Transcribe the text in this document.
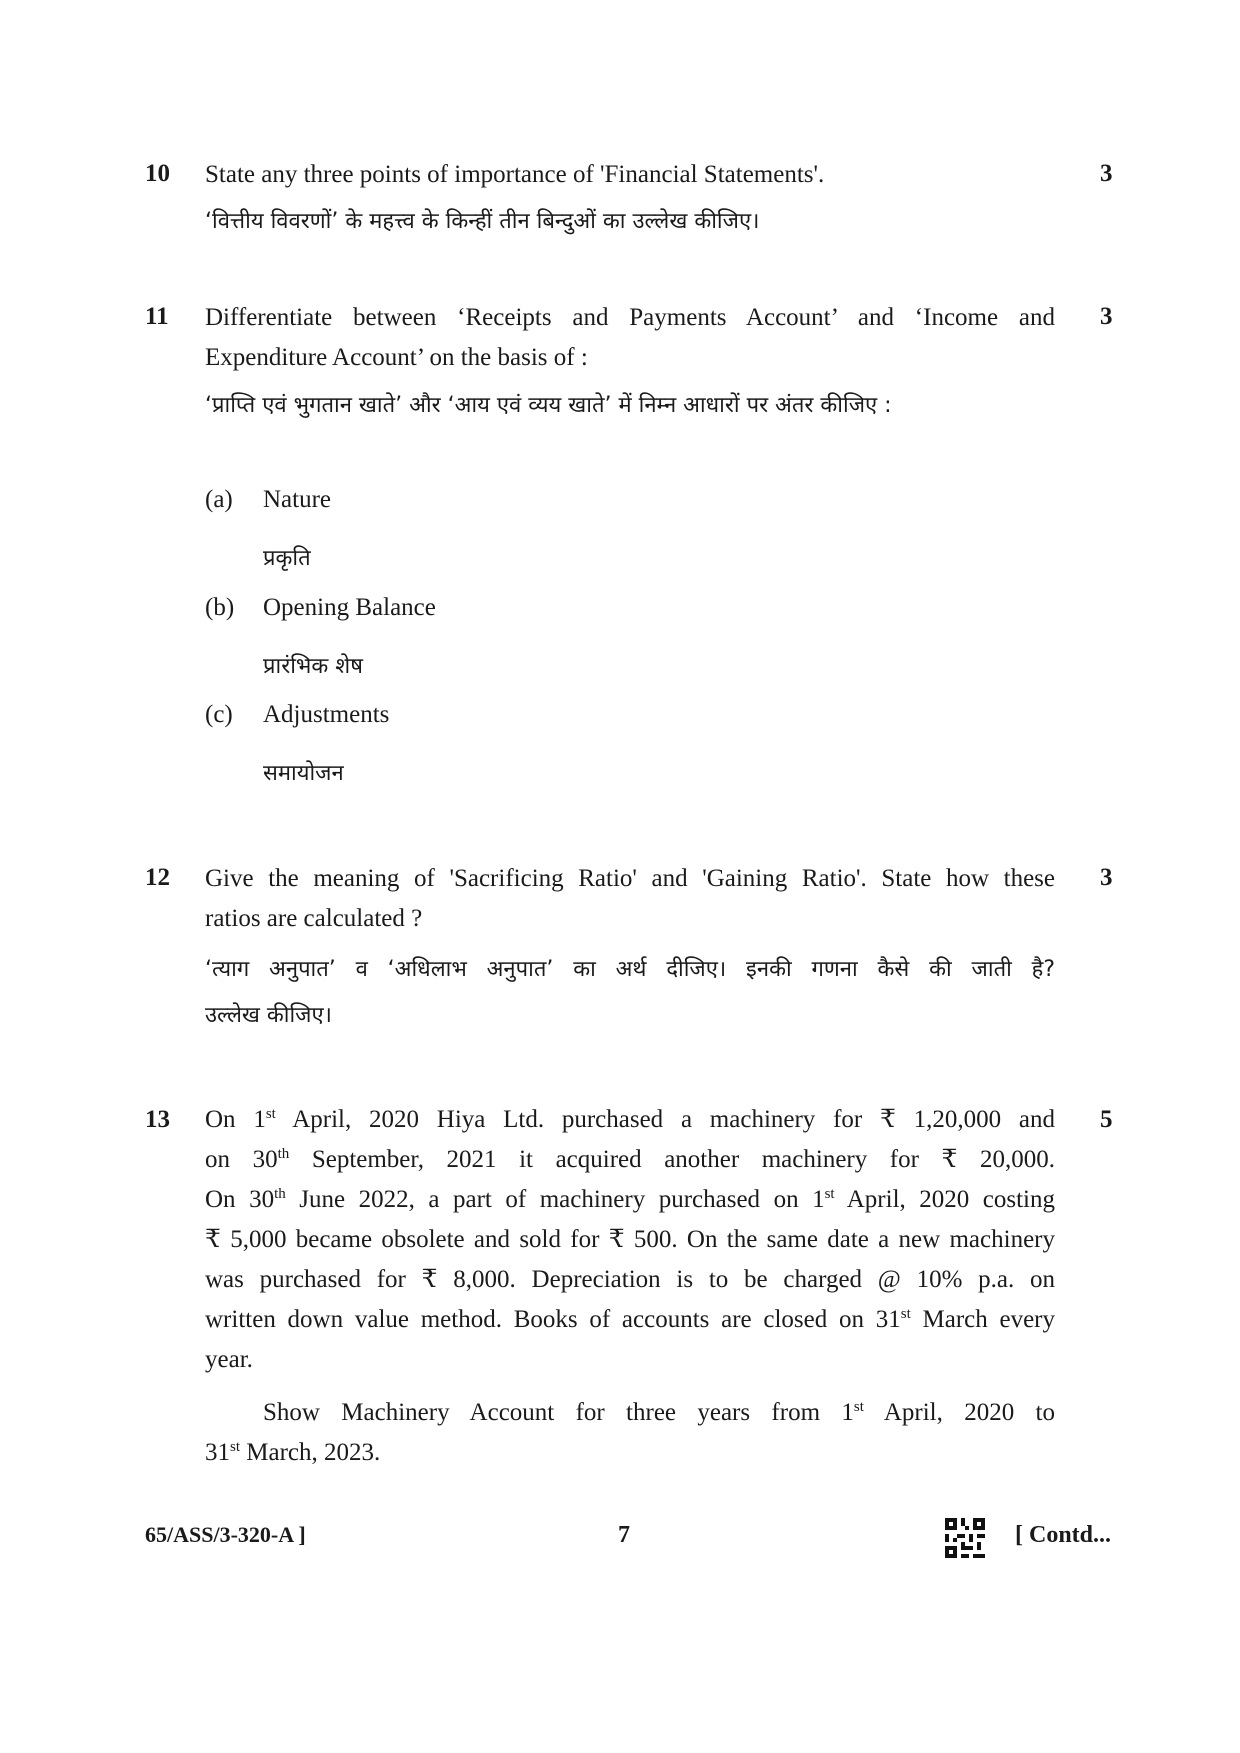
10 State any three points of importance of 'Financial Statements'.	3
‘वित्तीय विवरणों’ के महत्त्व के किन्हीं तीन बिन्दुओं का उल्लेख कीजिए।
11 Differentiate between ‘Receipts and Payments Account’ and ‘Income and
Expenditure Account’ on the basis of :
3
‘प्राप्ति एवं भुगतान खाते’ और ‘आय एवं व्यय खाते’ में निम्न आधारों पर अंतर कीजिए :
(a) Nature
प्रकृति
(b) Opening Balance
प्रारंभिक शेष
(c) Adjustments
समायोजन
12 Give the meaning of 'Sacrificing Ratio' and 'Gaining Ratio'. State how these
ratios are calculated ?
3
‘त्याग अनुपात’ व ‘अधिलाभ अनुपात’ का अर्थ दीजिए। इनकी गणना कैसे की जाती है?
उल्लेख कीजिए।
13	5
On 1st April, 2020 Hiya Ltd. purchased a machinery for ₹ 1,20,000 and
on 30th September, 2021 it acquired another machinery for ₹ 20,000.
On 30th June 2022, a part of machinery purchased on 1st April, 2020 costing
₹ 5,000 became obsolete and sold for ₹ 500. On the same date a new machinery
was purchased for ₹ 8,000. Depreciation is to be charged @ 10% p.a. on
written down value method. Books of accounts are closed on 31st March every
year.
Show Machinery Account for three years from 1st April, 2020 to
31st March, 2023.
65/ASS/3-320-A ]	7	[ Contd...
